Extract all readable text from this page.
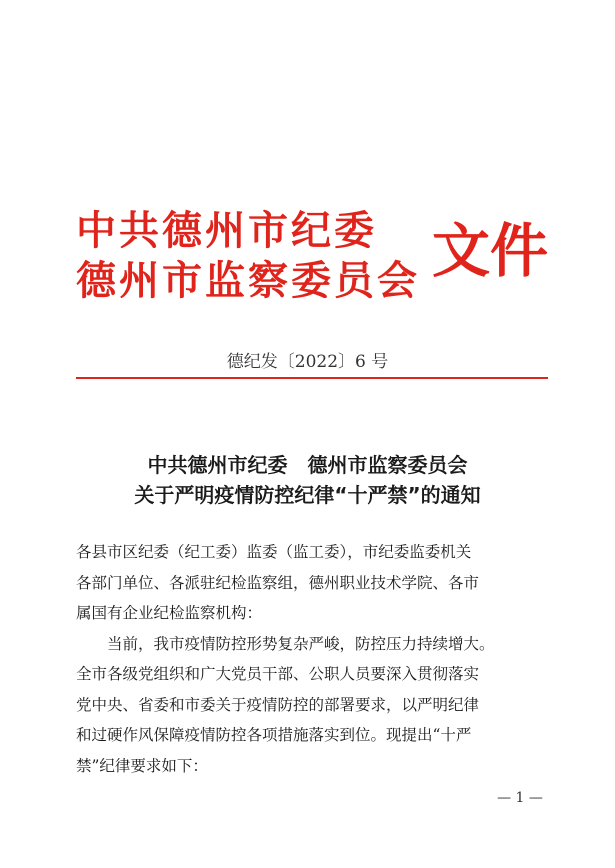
中共德州市纪委
德州市监察委员会 文件
德纪发〔2022〕6 号
中共德州市纪委　德州市监察委员会
关于严明疫情防控纪律“十严禁”的通知
各县市区纪委（纪工委）监委（监工委），市纪委监委机关
各部门单位、各派驻纪检监察组，德州职业技术学院、各市
属国有企业纪检监察机构：
当前，我市疫情防控形势复杂严峻，防控压力持续增大。
全市各级党组织和广大党员干部、公职人员要深入贯彻落实
党中央、省委和市委关于疫情防控的部署要求，以严明纪律
和过硬作风保障疫情防控各项措施落实到位。现提出“十严
禁”纪律要求如下：
— 1 —
